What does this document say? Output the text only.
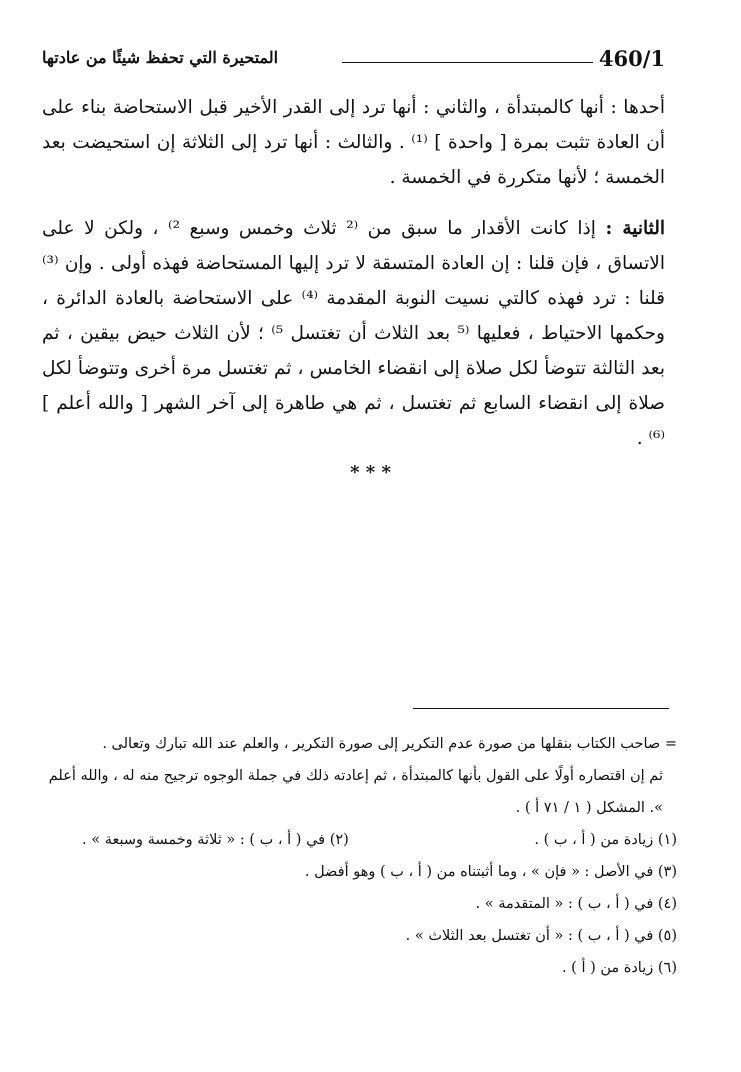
460/1
المتحيرة التي تحفظ شيئًا من عادتها

أحدها : أنها كالمبتدأة ، والثاني : أنها ترد إلى القدر الأخير قبل الاستحاضة بناء على أن العادة تثبت بمرة [ واحدة ] ⁽¹⁾ . والثالث : أنها ترد إلى الثلاثة إن استحيضت بعد الخمسة ؛ لأنها متكررة في الخمسة .

الثانية : إذا كانت الأقدار ما سبق من ⁽² ثلاث وخمس وسبع ²⁾ ، ولكن لا على الاتساق ، فإن قلنا : إن العادة المتسقة لا ترد إليها المستحاضة فهذه أولى . وإن ⁽³⁾ قلنا : ترد فهذه كالتي نسيت النوبة المقدمة ⁽⁴⁾ على الاستحاضة بالعادة الدائرة ، وحكمها الاحتياط ، فعليها ⁽⁵ بعد الثلاث أن تغتسل ⁵⁾ ؛ لأن الثلاث حيض بيقين ، ثم بعد الثالثة تتوضأ لكل صلاة إلى انقضاء الخامس ، ثم تغتسل مرة أخرى وتتوضأ لكل صلاة إلى انقضاء السابع ثم تغتسل ، ثم هي طاهرة إلى آخر الشهر [ والله أعلم ] ⁽⁶⁾ .

* * *

= صاحب الكتاب بنقلها من صورة عدم التكرير إلى صورة التكرير ، والعلم عند الله تبارك وتعالى .

ثم إن اقتصاره أولًا على القول بأنها كالمبتدأة ، ثم إعادته ذلك في جملة الوجوه ترجيح منه له ، والله أعلم ». المشكل ( ١ / ٧١ أ ) .

(١) زيادة من ( أ ، ب ) .
(٢) في ( أ ، ب ) : « ثلاثة وخمسة وسبعة » .

(٣) في الأصل : « فإن » ، وما أثبتناه من ( أ ، ب ) وهو أفضل .

(٤) في ( أ ، ب ) : « المتقدمة » .

(٥) في ( أ ، ب ) : « أن تغتسل بعد الثلاث » .

(٦) زيادة من ( أ ) .
